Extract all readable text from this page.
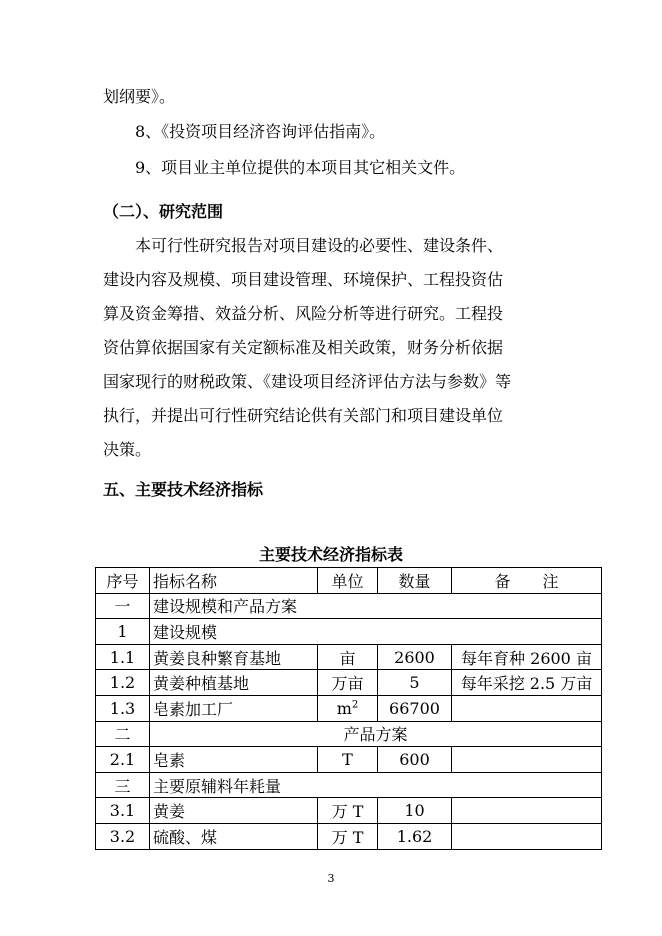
划纲要》。
8、《投资项目经济咨询评估指南》。
9、项目业主单位提供的本项目其它相关文件。
（二）、研究范围
本可行性研究报告对项目建设的必要性、建设条件、
建设内容及规模、项目建设管理、环境保护、工程投资估
算及资金筹措、效益分析、风险分析等进行研究。工程投
资估算依据国家有关定额标准及相关政策，财务分析依据
国家现行的财税政策、《建设项目经济评估方法与参数》等
执行，并提出可行性研究结论供有关部门和项目建设单位
决策。
五、主要技术经济指标
主要技术经济指标表
序号	指标名称	单位	数量	备　　注
一	建设规模和产品方案			
1	建设规模			
1.1	黄姜良种繁育基地	亩	2600	每年育种 2600 亩
1.2	黄姜种植基地	万亩	5	每年采挖 2.5 万亩
1.3	皂素加工厂	$m^2$	66700	
二	产品方案			
2.1	皂素	T	600	
三	主要原辅料年耗量			
3.1	黄姜	万 T	10	
3.2	硫酸、煤	万 T	1.62	
3
